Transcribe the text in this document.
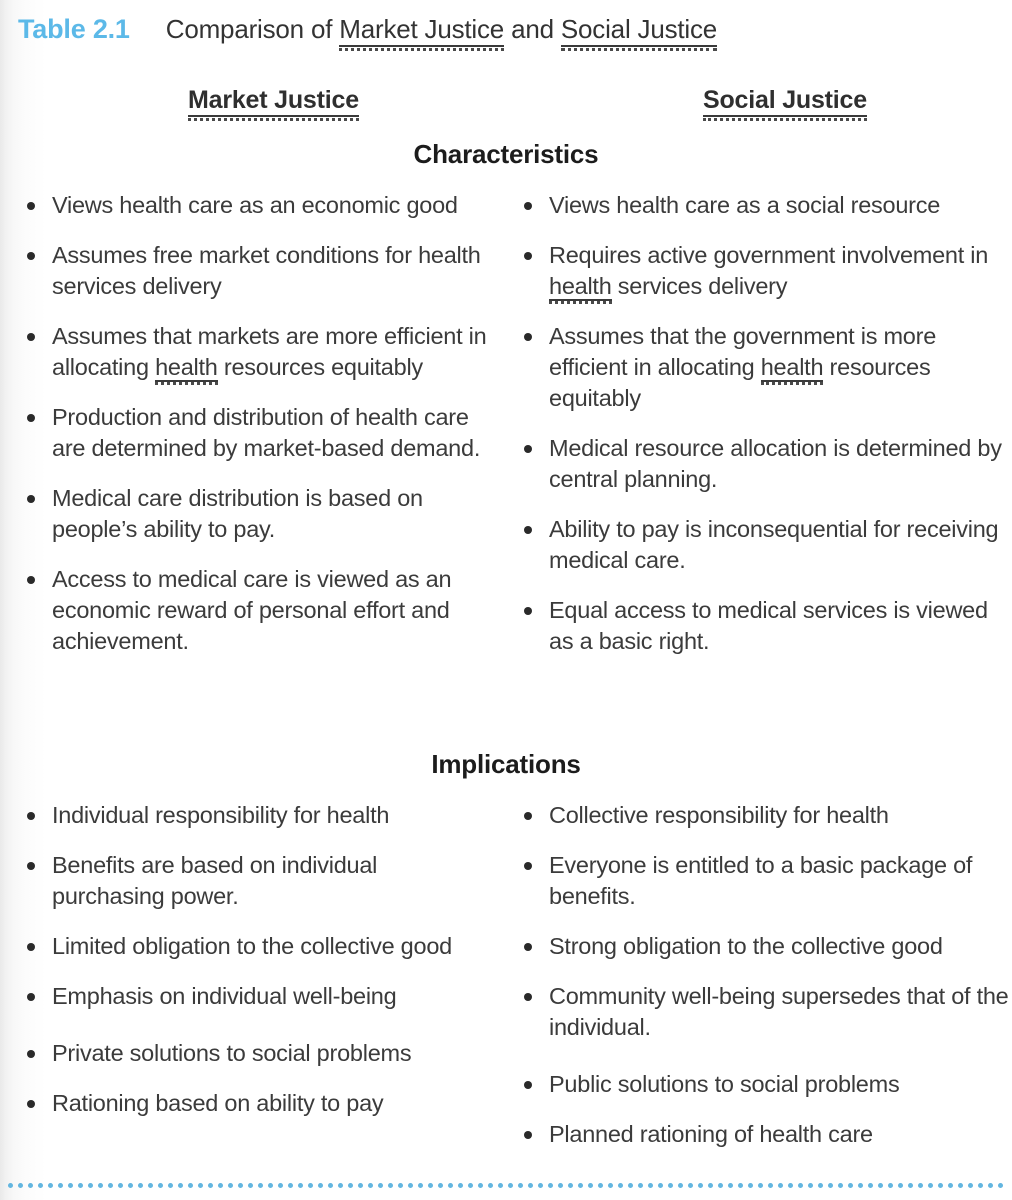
Table 2.1 Comparison of Market Justice and Social Justice
Market Justice	Social Justice
Characteristics
Views health care as an economic good
Assumes free market conditions for health services delivery
Assumes that markets are more efficient in allocating health resources equitably
Production and distribution of health care are determined by market-based demand.
Medical care distribution is based on people’s ability to pay.
Access to medical care is viewed as an economic reward of personal effort and achievement.
Views health care as a social resource
Requires active government involvement in health services delivery
Assumes that the government is more efficient in allocating health resources equitably
Medical resource allocation is determined by central planning.
Ability to pay is inconsequential for receiving medical care.
Equal access to medical services is viewed as a basic right.
Implications
Individual responsibility for health
Benefits are based on individual purchasing power.
Limited obligation to the collective good
Emphasis on individual well-being
Private solutions to social problems
Rationing based on ability to pay
Collective responsibility for health
Everyone is entitled to a basic package of benefits.
Strong obligation to the collective good
Community well-being supersedes that of the individual.
Public solutions to social problems
Planned rationing of health care
